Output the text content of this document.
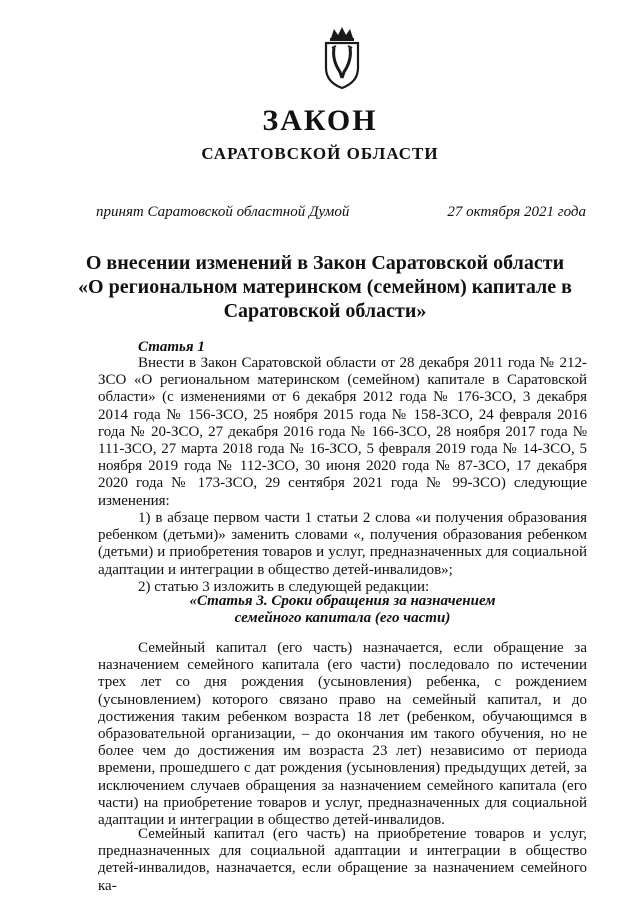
ЗАКОН
САРАТОВСКОЙ ОБЛАСТИ
принят Саратовской областной Думой	27 октября 2021 года
О внесении изменений в Закон Саратовской области
«О региональном материнском (семейном) капитале в
Саратовской области»
Статья 1

Внести в Закон Саратовской области от 28 декабря 2011 года № 212-ЗСО «О региональном материнском (семейном) капитале в Саратовской области» (с изменениями от 6 декабря 2012 года № 176-ЗСО, 3 декабря 2014 года № 156-ЗСО, 25 ноября 2015 года № 158-ЗСО, 24 февраля 2016 года № 20-ЗСО, 27 декабря 2016 года № 166-ЗСО, 28 ноября 2017 года № 111-ЗСО, 27 марта 2018 года № 16-ЗСО, 5 февраля 2019 года № 14-ЗСО, 5 ноября 2019 года № 112-ЗСО, 30 июня 2020 года № 87-ЗСО, 17 декабря 2020 года № 173-ЗСО, 29 сентября 2021 года № 99-ЗСО) следующие изменения:

1) в абзаце первом части 1 статьи 2 слова «и получения образования ребенком (детьми)» заменить словами «, получения образования ребенком (детьми) и приобретения товаров и услуг, предназначенных для социальной адаптации и интеграции в общество детей-инвалидов»;

2) статью 3 изложить в следующей редакции:

«Статья 3. Сроки обращения за назначением
семейного капитала (его части)

Семейный капитал (его часть) назначается, если обращение за назначением семейного капитала (его части) последовало по истечении трех лет со дня рождения (усыновления) ребенка, с рождением (усыновлением) которого связано право на семейный капитал, и до достижения таким ребенком возраста 18 лет (ребенком, обучающимся в образовательной организации, – до окончания им такого обучения, но не более чем до достижения им возраста 23 лет) независимо от периода времени, прошедшего с дат рождения (усыновления) предыдущих детей, за исключением случаев обращения за назначением семейного капитала (его части) на приобретение товаров и услуг, предназначенных для социальной адаптации и интеграции в общество детей-инвалидов.

Семейный капитал (его часть) на приобретение товаров и услуг, предназначенных для социальной адаптации и интеграции в общество детей-инвалидов, назначается, если обращение за назначением семейного ка-
